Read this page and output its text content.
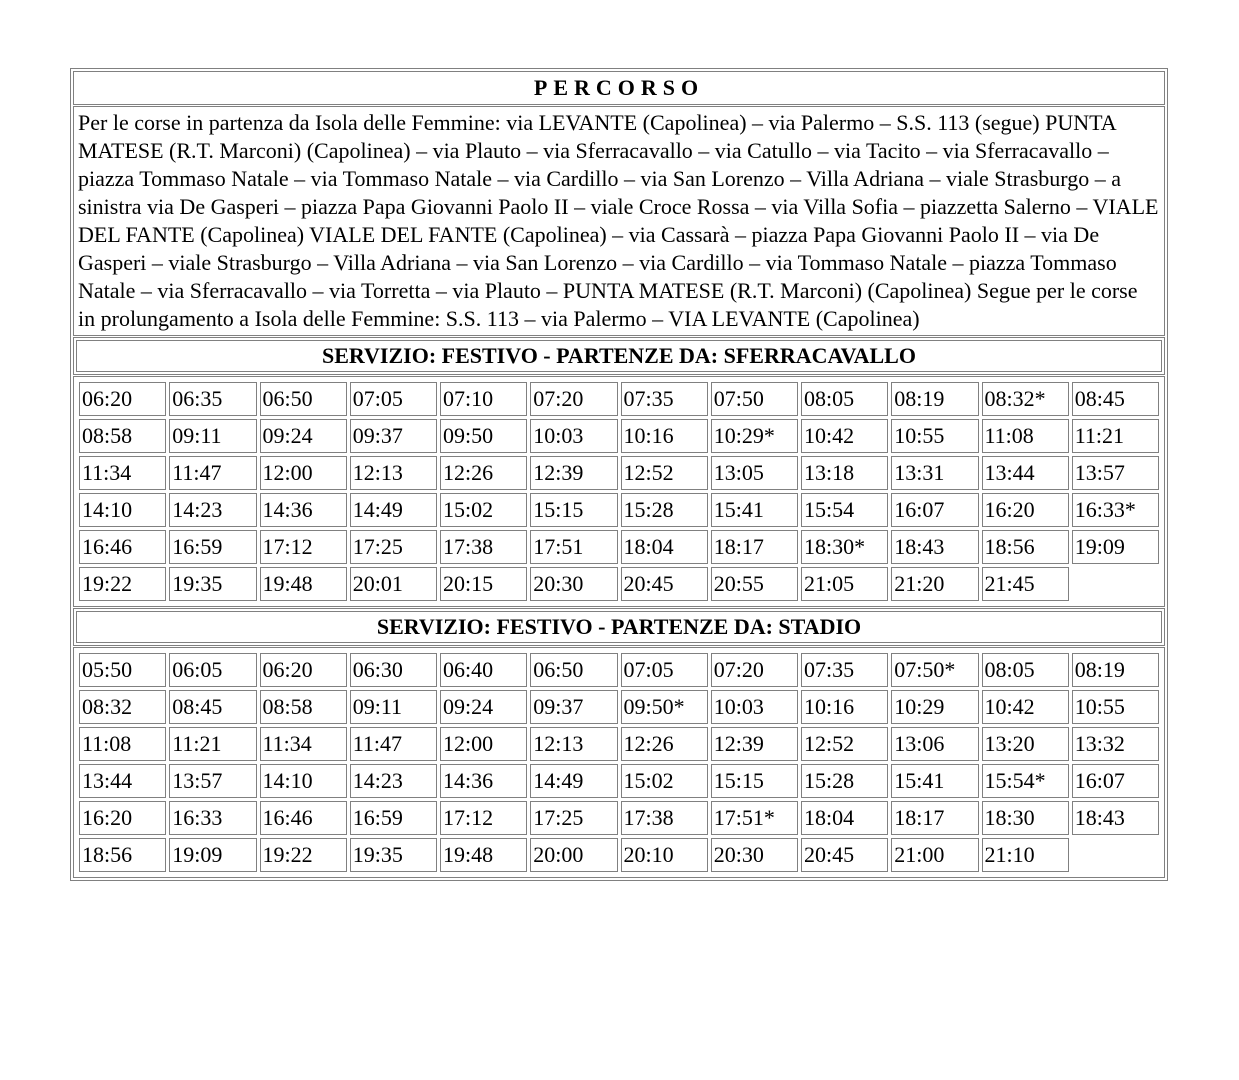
PERCORSO
Per le corse in partenza da Isola delle Femmine: via LEVANTE (Capolinea) – via Palermo – S.S. 113 (segue) PUNTA MATESE (R.T. Marconi) (Capolinea) – via Plauto – via Sferracavallo – via Catullo – via Tacito – via Sferracavallo – piazza Tommaso Natale – via Tommaso Natale – via Cardillo – via San Lorenzo – Villa Adriana – viale Strasburgo – a sinistra via De Gasperi – piazza Papa Giovanni Paolo II – viale Croce Rossa – via Villa Sofia – piazzetta Salerno – VIALE DEL FANTE (Capolinea) VIALE DEL FANTE (Capolinea) – via Cassarà – piazza Papa Giovanni Paolo II – via De Gasperi – viale Strasburgo – Villa Adriana – via San Lorenzo – via Cardillo – via Tommaso Natale – piazza Tommaso Natale – via Sferracavallo – via Torretta – via Plauto – PUNTA MATESE (R.T. Marconi) (Capolinea) Segue per le corse in prolungamento a Isola delle Femmine: S.S. 113 – via Palermo – VIA LEVANTE (Capolinea)
SERVIZIO: FESTIVO - PARTENZE DA: SFERRACAVALLO
06:20	06:35	06:50	07:05	07:10	07:20	07:35	07:50	08:05	08:19	08:32*	08:45
08:58	09:11	09:24	09:37	09:50	10:03	10:16	10:29*	10:42	10:55	11:08	11:21
11:34	11:47	12:00	12:13	12:26	12:39	12:52	13:05	13:18	13:31	13:44	13:57
14:10	14:23	14:36	14:49	15:02	15:15	15:28	15:41	15:54	16:07	16:20	16:33*
16:46	16:59	17:12	17:25	17:38	17:51	18:04	18:17	18:30*	18:43	18:56	19:09
19:22	19:35	19:48	20:01	20:15	20:30	20:45	20:55	21:05	21:20	21:45	
SERVIZIO: FESTIVO - PARTENZE DA: STADIO
05:50	06:05	06:20	06:30	06:40	06:50	07:05	07:20	07:35	07:50*	08:05	08:19
08:32	08:45	08:58	09:11	09:24	09:37	09:50*	10:03	10:16	10:29	10:42	10:55
11:08	11:21	11:34	11:47	12:00	12:13	12:26	12:39	12:52	13:06	13:20	13:32
13:44	13:57	14:10	14:23	14:36	14:49	15:02	15:15	15:28	15:41	15:54*	16:07
16:20	16:33	16:46	16:59	17:12	17:25	17:38	17:51*	18:04	18:17	18:30	18:43
18:56	19:09	19:22	19:35	19:48	20:00	20:10	20:30	20:45	21:00	21:10	
